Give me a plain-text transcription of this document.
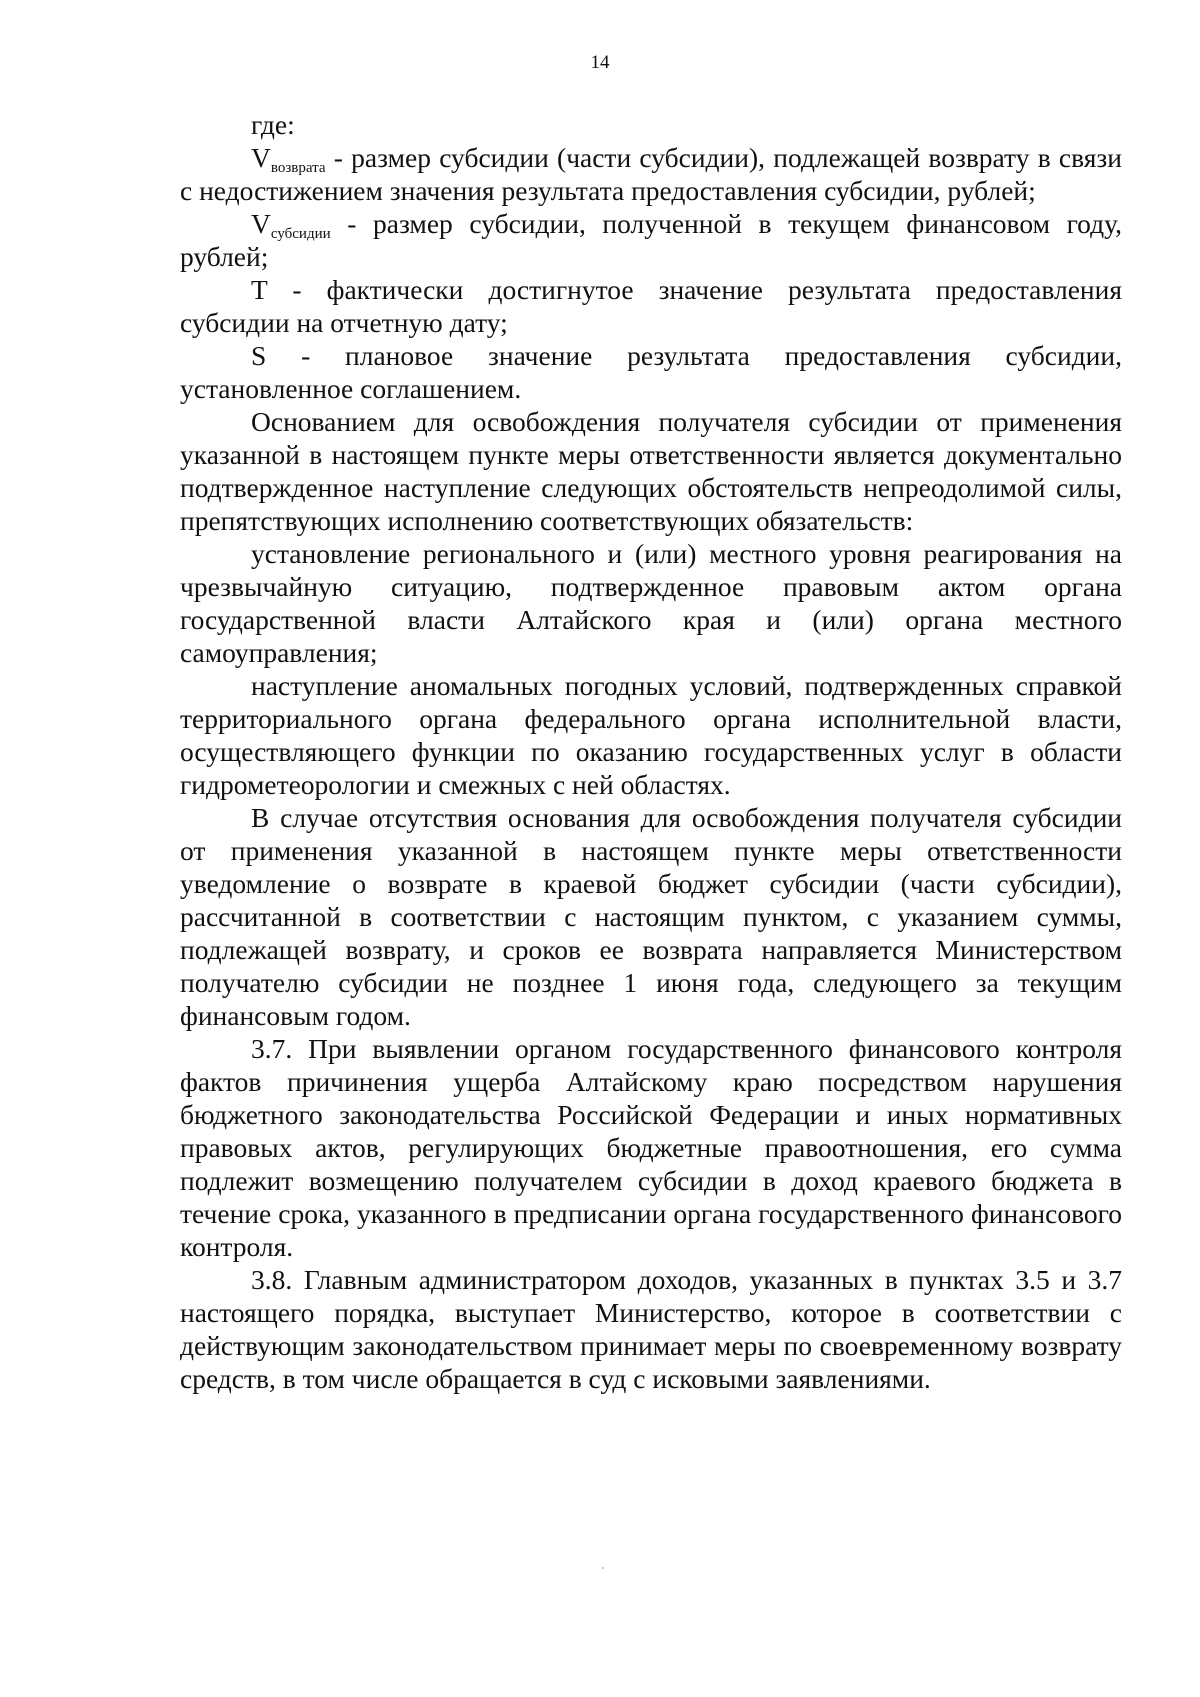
14

где:

$V_{возврата}$ - размер субсидии (части субсидии), подлежащей возврату в связи с недостижением значения результата предоставления субсидии, рублей;

$V_{субсидии}$ - размер субсидии, полученной в текущем финансовом году, рублей;

T - фактически достигнутое значение результата предоставления субсидии на отчетную дату;

S - плановое значение результата предоставления субсидии, установленное соглашением.

Основанием для освобождения получателя субсидии от применения указанной в настоящем пункте меры ответственности является документально подтвержденное наступление следующих обстоятельств непреодолимой силы, препятствующих исполнению соответствующих обязательств:

установление регионального и (или) местного уровня реагирования на чрезвычайную ситуацию, подтвержденное правовым актом органа государственной власти Алтайского края и (или) органа местного самоуправления;

наступление аномальных погодных условий, подтвержденных справкой территориального органа федерального органа исполнительной власти, осуществляющего функции по оказанию государственных услуг в области гидрометеорологии и смежных с ней областях.

В случае отсутствия основания для освобождения получателя субсидии от применения указанной в настоящем пункте меры ответственности уведомление о возврате в краевой бюджет субсидии (части субсидии), рассчитанной в соответствии с настоящим пунктом, с указанием суммы, подлежащей возврату, и сроков ее возврата направляется Министерством получателю субсидии не позднее 1 июня года, следующего за текущим финансовым годом.

3.7. При выявлении органом государственного финансового контроля фактов причинения ущерба Алтайскому краю посредством нарушения бюджетного законодательства Российской Федерации и иных нормативных правовых актов, регулирующих бюджетные правоотношения, его сумма подлежит возмещению получателем субсидии в доход краевого бюджета в течение срока, указанного в предписании органа государственного финансового контроля.

3.8. Главным администратором доходов, указанных в пунктах 3.5 и 3.7 настоящего порядка, выступает Министерство, которое в соответствии с действующим законодательством принимает меры по своевременному возврату средств, в том числе обращается в суд с исковыми заявлениями.
